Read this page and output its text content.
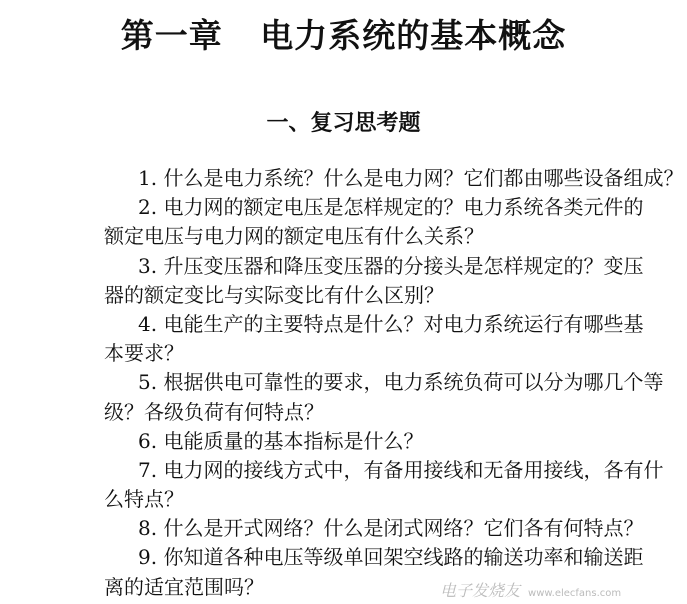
第一章   电力系统的基本概念
一、复习思考题
1. 什么是电力系统？什么是电力网？它们都由哪些设备组成？
2. 电力网的额定电压是怎样规定的？电力系统各类元件的
额定电压与电力网的额定电压有什么关系？
3. 升压变压器和降压变压器的分接头是怎样规定的？变压
器的额定变比与实际变比有什么区别？
4. 电能生产的主要特点是什么？对电力系统运行有哪些基
本要求？
5. 根据供电可靠性的要求，电力系统负荷可以分为哪几个等
级？各级负荷有何特点？
6. 电能质量的基本指标是什么？
7. 电力网的接线方式中，有备用接线和无备用接线，各有什
么特点？
8. 什么是开式网络？什么是闭式网络？它们各有何特点？
9. 你知道各种电压等级单回架空线路的输送功率和输送距
离的适宜范围吗？	电子发烧友 www.elecfans.com
